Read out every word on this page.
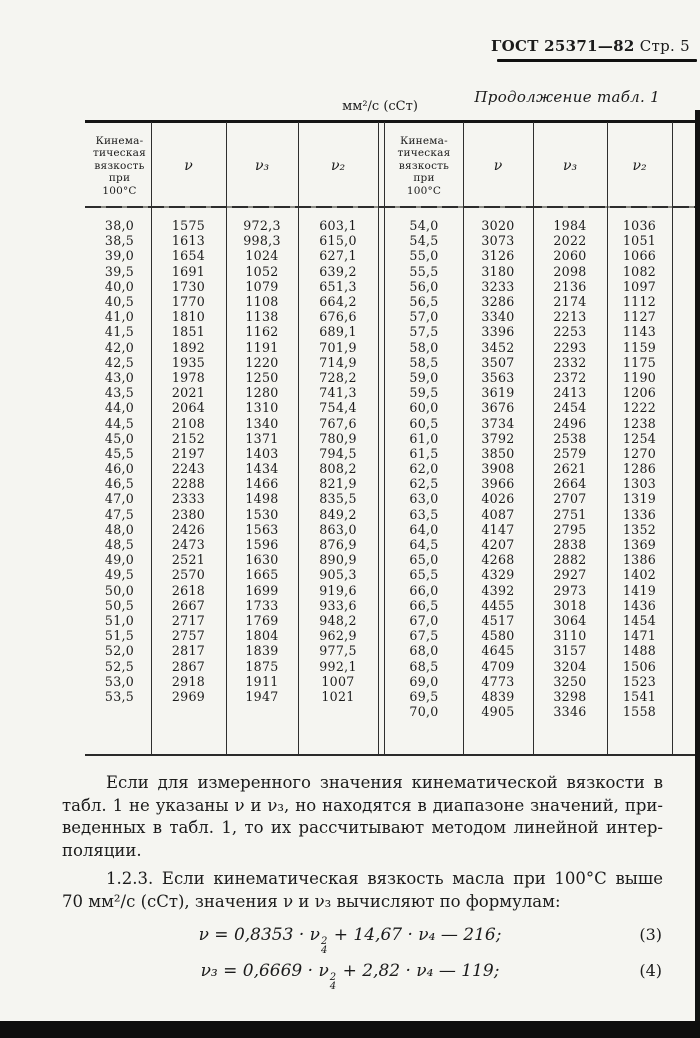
ГОСТ 25371—82 Стр. 5
Продолжение табл. 1
мм²/с (сСт)
Кинема-
тическая
вязкость
при
100°С
ν	ν₃	ν₂
Кинема-
тическая
вязкость
при
100°С
ν	ν₃	ν₂
38,0	1575	972,3	603,1
38,5	1613	998,3	615,0
39,0	1654	1024	627,1
39,5	1691	1052	639,2
40,0	1730	1079	651,3
40,5	1770	1108	664,2
41,0	1810	1138	676,6
41,5	1851	1162	689,1
42,0	1892	1191	701,9
42,5	1935	1220	714,9
43,0	1978	1250	728,2
43,5	2021	1280	741,3
44,0	2064	1310	754,4
44,5	2108	1340	767,6
45,0	2152	1371	780,9
45,5	2197	1403	794,5
46,0	2243	1434	808,2
46,5	2288	1466	821,9
47,0	2333	1498	835,5
47,5	2380	1530	849,2
48,0	2426	1563	863,0
48,5	2473	1596	876,9
49,0	2521	1630	890,9
49,5	2570	1665	905,3
50,0	2618	1699	919,6
50,5	2667	1733	933,6
51,0	2717	1769	948,2
51,5	2757	1804	962,9
52,0	2817	1839	977,5
52,5	2867	1875	992,1
53,0	2918	1911	1007
53,5	2969	1947	1021
54,0	3020	1984	1036
54,5	3073	2022	1051
55,0	3126	2060	1066
55,5	3180	2098	1082
56,0	3233	2136	1097
56,5	3286	2174	1112
57,0	3340	2213	1127
57,5	3396	2253	1143
58,0	3452	2293	1159
58,5	3507	2332	1175
59,0	3563	2372	1190
59,5	3619	2413	1206
60,0	3676	2454	1222
60,5	3734	2496	1238
61,0	3792	2538	1254
61,5	3850	2579	1270
62,0	3908	2621	1286
62,5	3966	2664	1303
63,0	4026	2707	1319
63,5	4087	2751	1336
64,0	4147	2795	1352
64,5	4207	2838	1369
65,0	4268	2882	1386
65,5	4329	2927	1402
66,0	4392	2973	1419
66,5	4455	3018	1436
67,0	4517	3064	1454
67,5	4580	3110	1471
68,0	4645	3157	1488
68,5	4709	3204	1506
69,0	4773	3250	1523
69,5	4839	3298	1541
70,0	4905	3346	1558
Если для измеренного значения кинематической вязкости в
табл. 1 не указаны ν и ν₃, но находятся в диапазоне значений, при-
веденных в табл. 1, то их рассчитывают методом линейной интер-
поляции.
1.2.3. Если кинематическая вязкость масла при 100°С выше
70 мм²/с (сСт), значения ν и ν₃ вычисляют по формулам:
ν = 0,8353 · ν 2
4
+ 14,67 · ν₄ — 216;	(3)
ν₃ = 0,6669 · ν 2
4
+ 2,82 · ν₄ — 119;	(4)
